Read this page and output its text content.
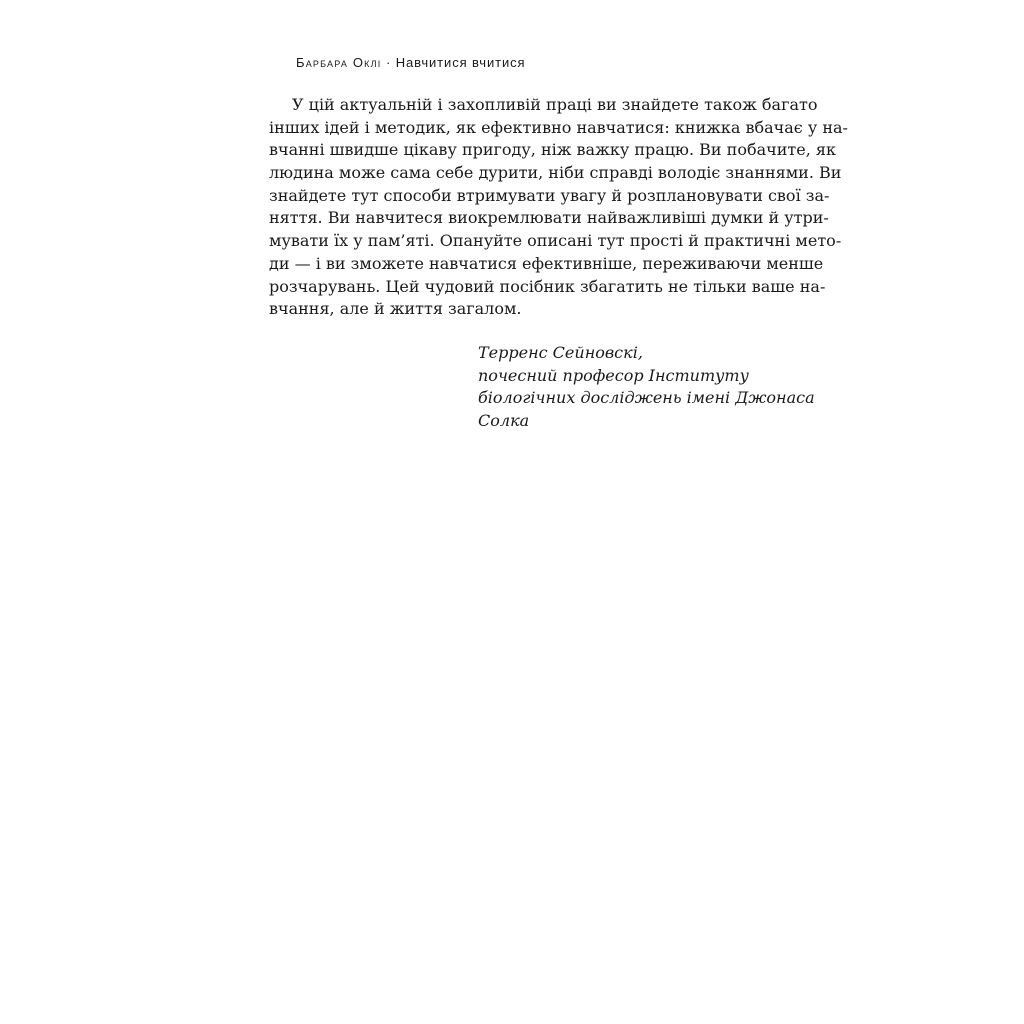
Барбара Оклі · Навчитися вчитися
У цій актуальній і захопливій праці ви знайдете також багато
інших ідей і методик, як ефективно навчатися: книжка вбачає у на-
вчанні швидше цікаву пригоду, ніж важку працю. Ви побачите, як
людина може сама себе дурити, ніби справді володіє знаннями. Ви
знайдете тут способи втримувати увагу й розплановувати свої за-
няття. Ви навчитеся виокремлювати найважливіші думки й утри-
мувати їх у пам’яті. Опануйте описані тут прості й практичні мето-
ди — і ви зможете навчатися ефективніше, переживаючи менше
розчарувань. Цей чудовий посібник збагатить не тільки ваше на-
вчання, але й життя загалом.
Терренс Сейновскі,
почесний професор Інституту
біологічних досліджень імені Джонаса
Солка
